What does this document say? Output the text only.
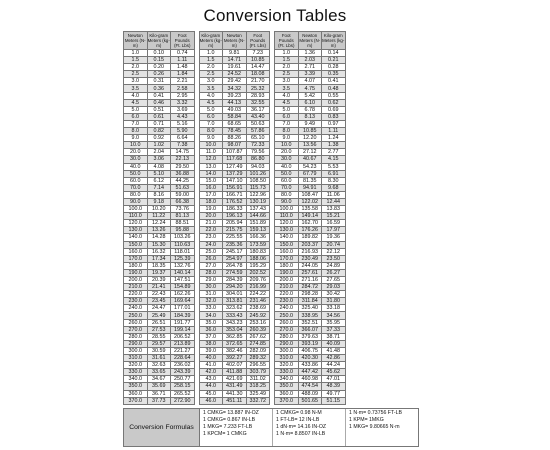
Conversion Tables
Newton Meters (N-m)	Kilo-gram Meters (kg-m)	Foot Pounds (Ft. Lbs)
1.0	0.10	0.74
1.5	0.15	1.11
2.0	0.20	1.48
2.5	0.26	1.84
3.0	0.31	2.21
3.5	0.36	2.58
4.0	0.41	2.95
4.5	0.46	3.32
5.0	0.51	3.69
6.0	0.61	4.43
7.0	0.71	5.16
8.0	0.82	5.90
9.0	0.92	6.64
10.0	1.02	7.38
20.0	2.04	14.75
30.0	3.06	22.13
40.0	4.08	29.50
50.0	5.10	36.88
60.0	6.12	44.25
70.0	7.14	51.63
80.0	8.16	59.00
90.0	9.18	66.38
100.0	10.20	73.76
110.0	11.22	81.13
120.0	12.24	88.51
130.0	13.26	95.88
140.0	14.28	103.26
150.0	15.30	110.63
160.0	16.32	118.01
170.0	17.34	125.39
180.0	18.35	132.76
190.0	19.37	140.14
200.0	20.39	147.51
210.0	21.41	154.89
220.0	22.43	162.26
230.0	23.45	169.64
240.0	24.47	177.01
250.0	25.49	184.39
260.0	26.51	191.77
270.0	27.53	199.14
280.0	28.55	206.52
290.0	29.57	213.89
300.0	30.59	221.27
310.0	31.61	228.64
320.0	32.63	236.02
330.0	33.65	243.39
340.0	34.67	250.77
350.0	35.69	258.15
360.0	36.71	265.52
370.0	37.73	272.90
Kilo-gram Meters (kg-m)	Newton Meters (N-m)	Foot Pounds (Ft. Lbs)
1.0	9.81	7.23
1.5	14.71	10.85
2.0	19.61	14.47
2.5	24.52	18.08
3.0	29.42	21.70
3.5	34.32	25.32
4.0	39.23	28.93
4.5	44.13	32.55
5.0	49.03	36.17
6.0	58.84	43.40
7.0	68.65	50.63
8.0	78.45	57.86
9.0	88.26	65.10
10.0	98.07	72.33
11.0	107.87	79.56
12.0	117.68	86.80
13.0	127.49	94.03
14.0	137.29	101.26
15.0	147.10	108.50
16.0	156.91	115.73
17.0	166.71	122.96
18.0	176.52	130.19
19.0	186.33	137.43
20.0	196.13	144.66
21.0	205.94	151.89
22.0	215.75	159.13
23.0	225.55	166.36
24.0	235.36	173.59
25.0	245.17	180.83
26.0	254.97	188.06
27.0	264.78	195.29
28.0	274.59	202.52
29.0	284.39	209.76
30.0	294.20	216.99
31.0	304.01	224.22
32.0	313.81	231.46
33.0	323.62	238.69
34.0	333.43	245.92
35.0	343.23	253.16
36.0	353.04	260.39
37.0	362.85	267.62
38.0	372.65	274.85
39.0	382.46	282.09
40.0	392.27	289.32
41.0	402.07	296.55
42.0	411.88	303.79
43.0	421.69	311.02
44.0	431.49	318.25
45.0	441.30	325.49
46.0	451.11	332.72
Foot Pounds (Ft. Lbs)	Newton Meters (N-m)	Kilo-gram Meters (kg-m)
1.0	1.36	0.14
1.5	2.03	0.21
2.0	2.71	0.28
2.5	3.39	0.35
3.0	4.07	0.41
3.5	4.75	0.48
4.0	5.42	0.55
4.5	6.10	0.62
5.0	6.78	0.69
6.0	8.13	0.83
7.0	9.49	0.97
8.0	10.85	1.11
9.0	12.20	1.24
10.0	13.56	1.38
20.0	27.12	2.77
30.0	40.67	4.15
40.0	54.23	5.53
50.0	67.79	6.91
60.0	81.35	8.30
70.0	94.91	9.68
80.0	108.47	11.06
90.0	122.02	12.44
100.0	135.58	13.83
110.0	149.14	15.21
120.0	162.70	16.59
130.0	176.26	17.97
140.0	189.82	19.36
150.0	203.37	20.74
160.0	216.93	22.12
170.0	230.49	23.50
180.0	244.05	24.89
190.0	257.61	26.27
200.0	271.16	27.65
210.0	284.72	29.03
220.0	298.28	30.42
230.0	311.84	31.80
240.0	325.40	33.18
250.0	338.95	34.56
260.0	352.51	35.95
270.0	366.07	37.33
280.0	379.63	38.71
290.0	393.19	40.09
300.0	406.75	41.48
310.0	420.30	42.86
320.0	433.86	44.24
330.0	447.42	45.62
340.0	460.98	47.01
350.0	474.54	48.39
360.0	488.09	49.77
370.0	501.65	51.15
Conversion Formulas
1 CMKG= 13.887 IN-OZ
1 CMKG= 0.867 IN-LB
1 MKG= 7.233 FT-LB
1 KPCM= 1 CMKG
1 CMKG= 0.98 N-M
1 FT-LB= 12 IN-LB
1 dN·m= 14.16 IN-OZ
1 N·m= 8.8507 IN-LB
1 N·m= 0.73756 FT-LB
1 KPM= 1MKG
1 MKG= 9.80665 N·m
